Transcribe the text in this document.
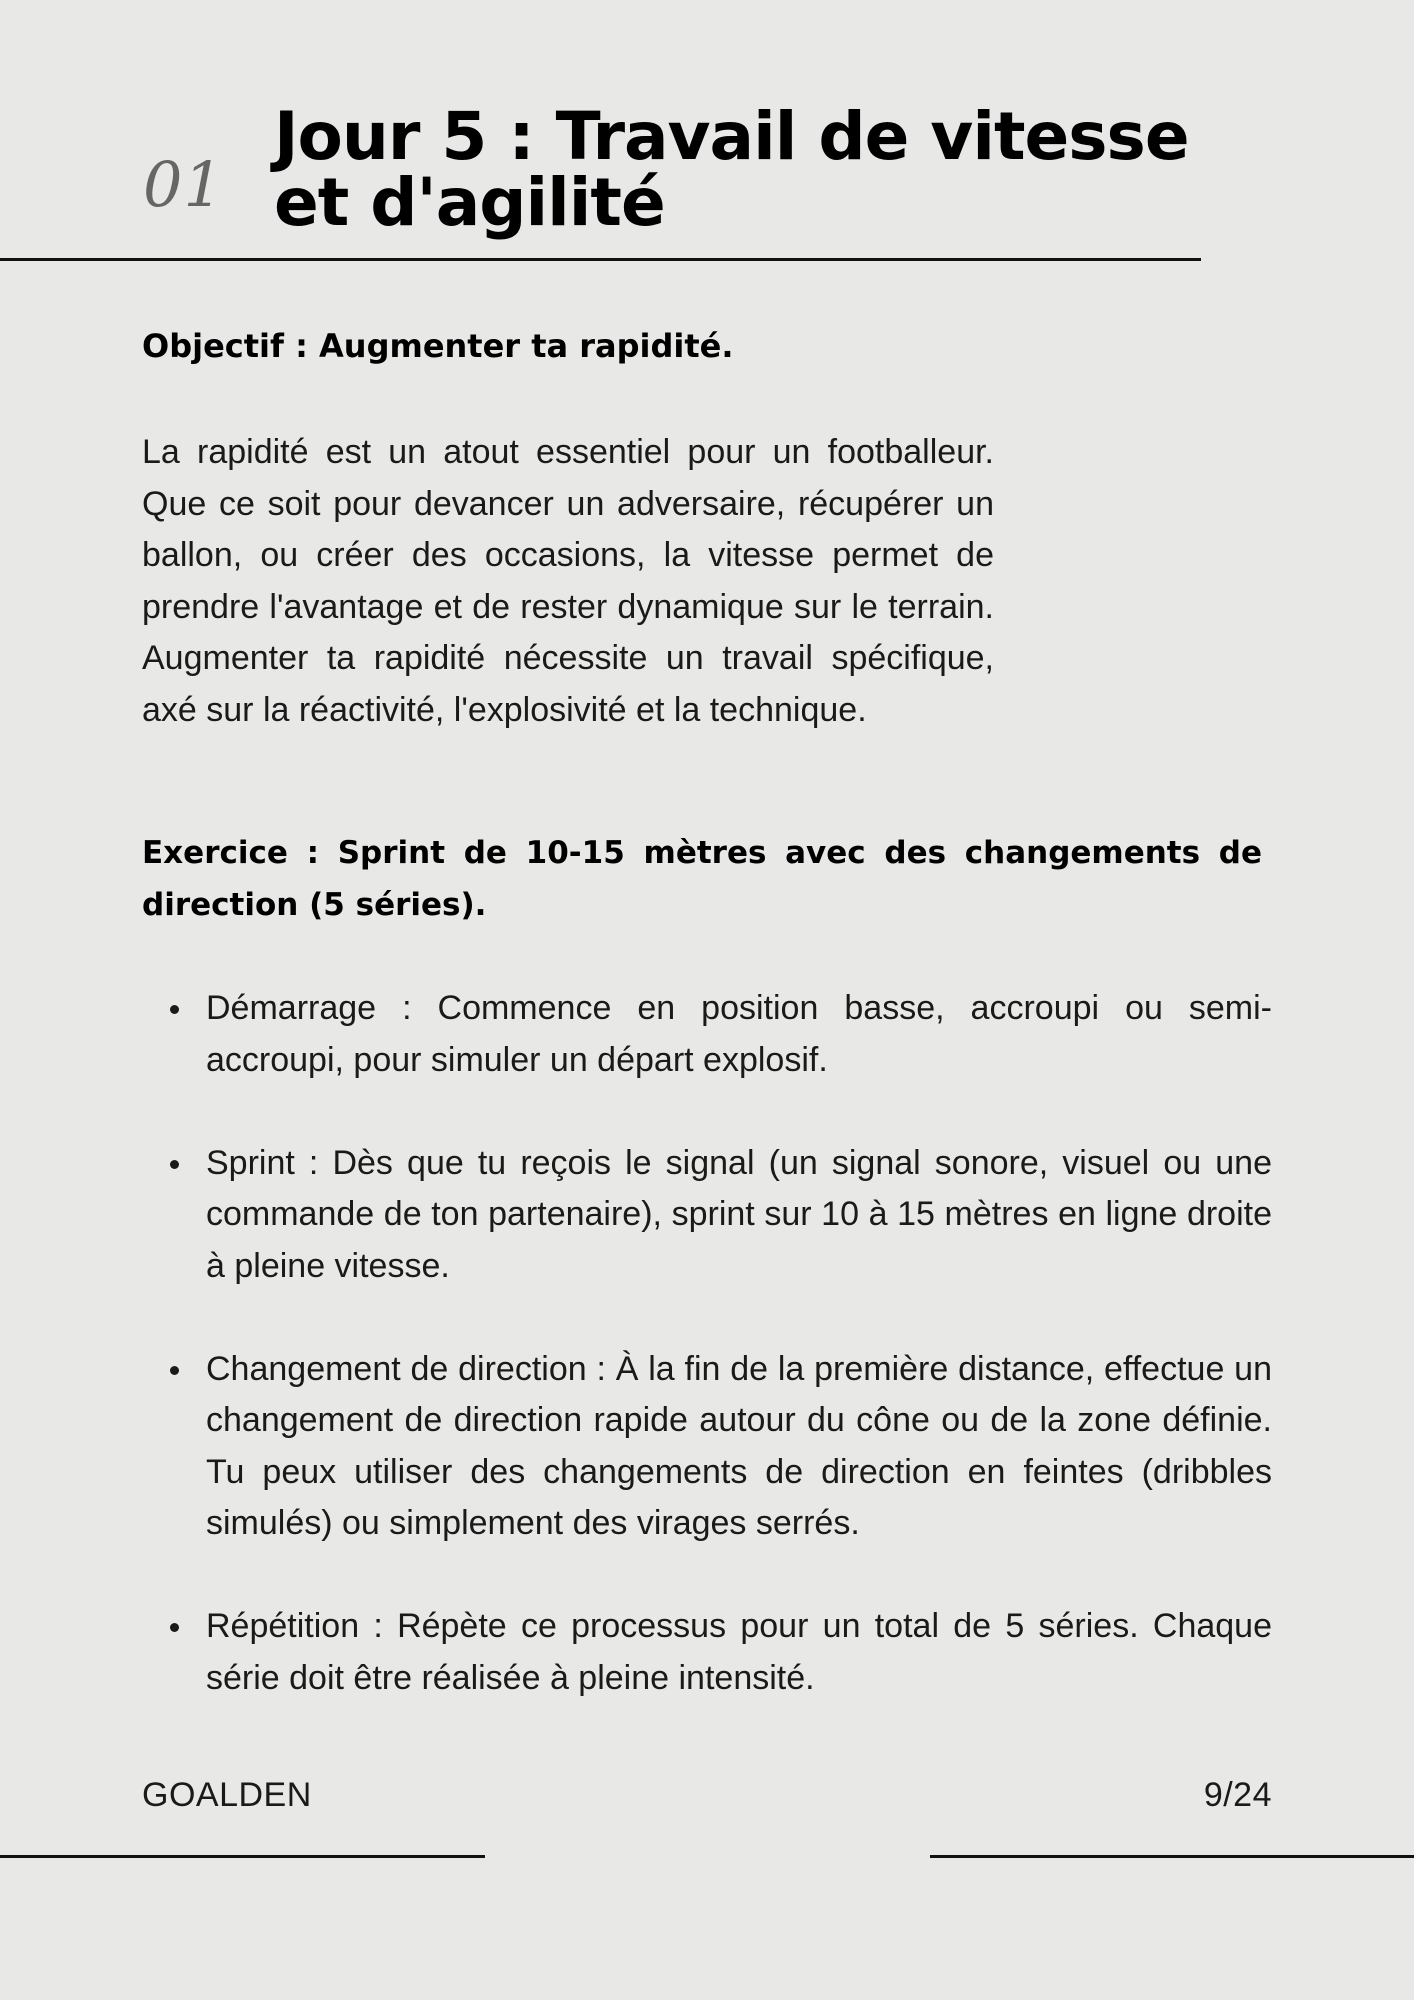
01
Jour 5 : Travail de vitesse et d'agilité
Objectif : Augmenter ta rapidité.

La rapidité est un atout essentiel pour un footballeur. Que ce soit pour devancer un adversaire, récupérer un ballon, ou créer des occasions, la vitesse permet de prendre l'avantage et de rester dynamique sur le terrain. Augmenter ta rapidité nécessite un travail spécifique, axé sur la réactivité, l'explosivité et la technique.

Exercice : Sprint de 10-15 mètres avec des changements de direction (5 séries).

Démarrage : Commence en position basse, accroupi ou semi-accroupi, pour simuler un départ explosif.
Sprint : Dès que tu reçois le signal (un signal sonore, visuel ou une commande de ton partenaire), sprint sur 10 à 15 mètres en ligne droite à pleine vitesse.
Changement de direction : À la fin de la première distance, effectue un changement de direction rapide autour du cône ou de la zone définie. Tu peux utiliser des changements de direction en feintes (dribbles simulés) ou simplement des virages serrés.
Répétition : Répète ce processus pour un total de 5 séries. Chaque série doit être réalisée à pleine intensité.
GOALDEN	9/24
